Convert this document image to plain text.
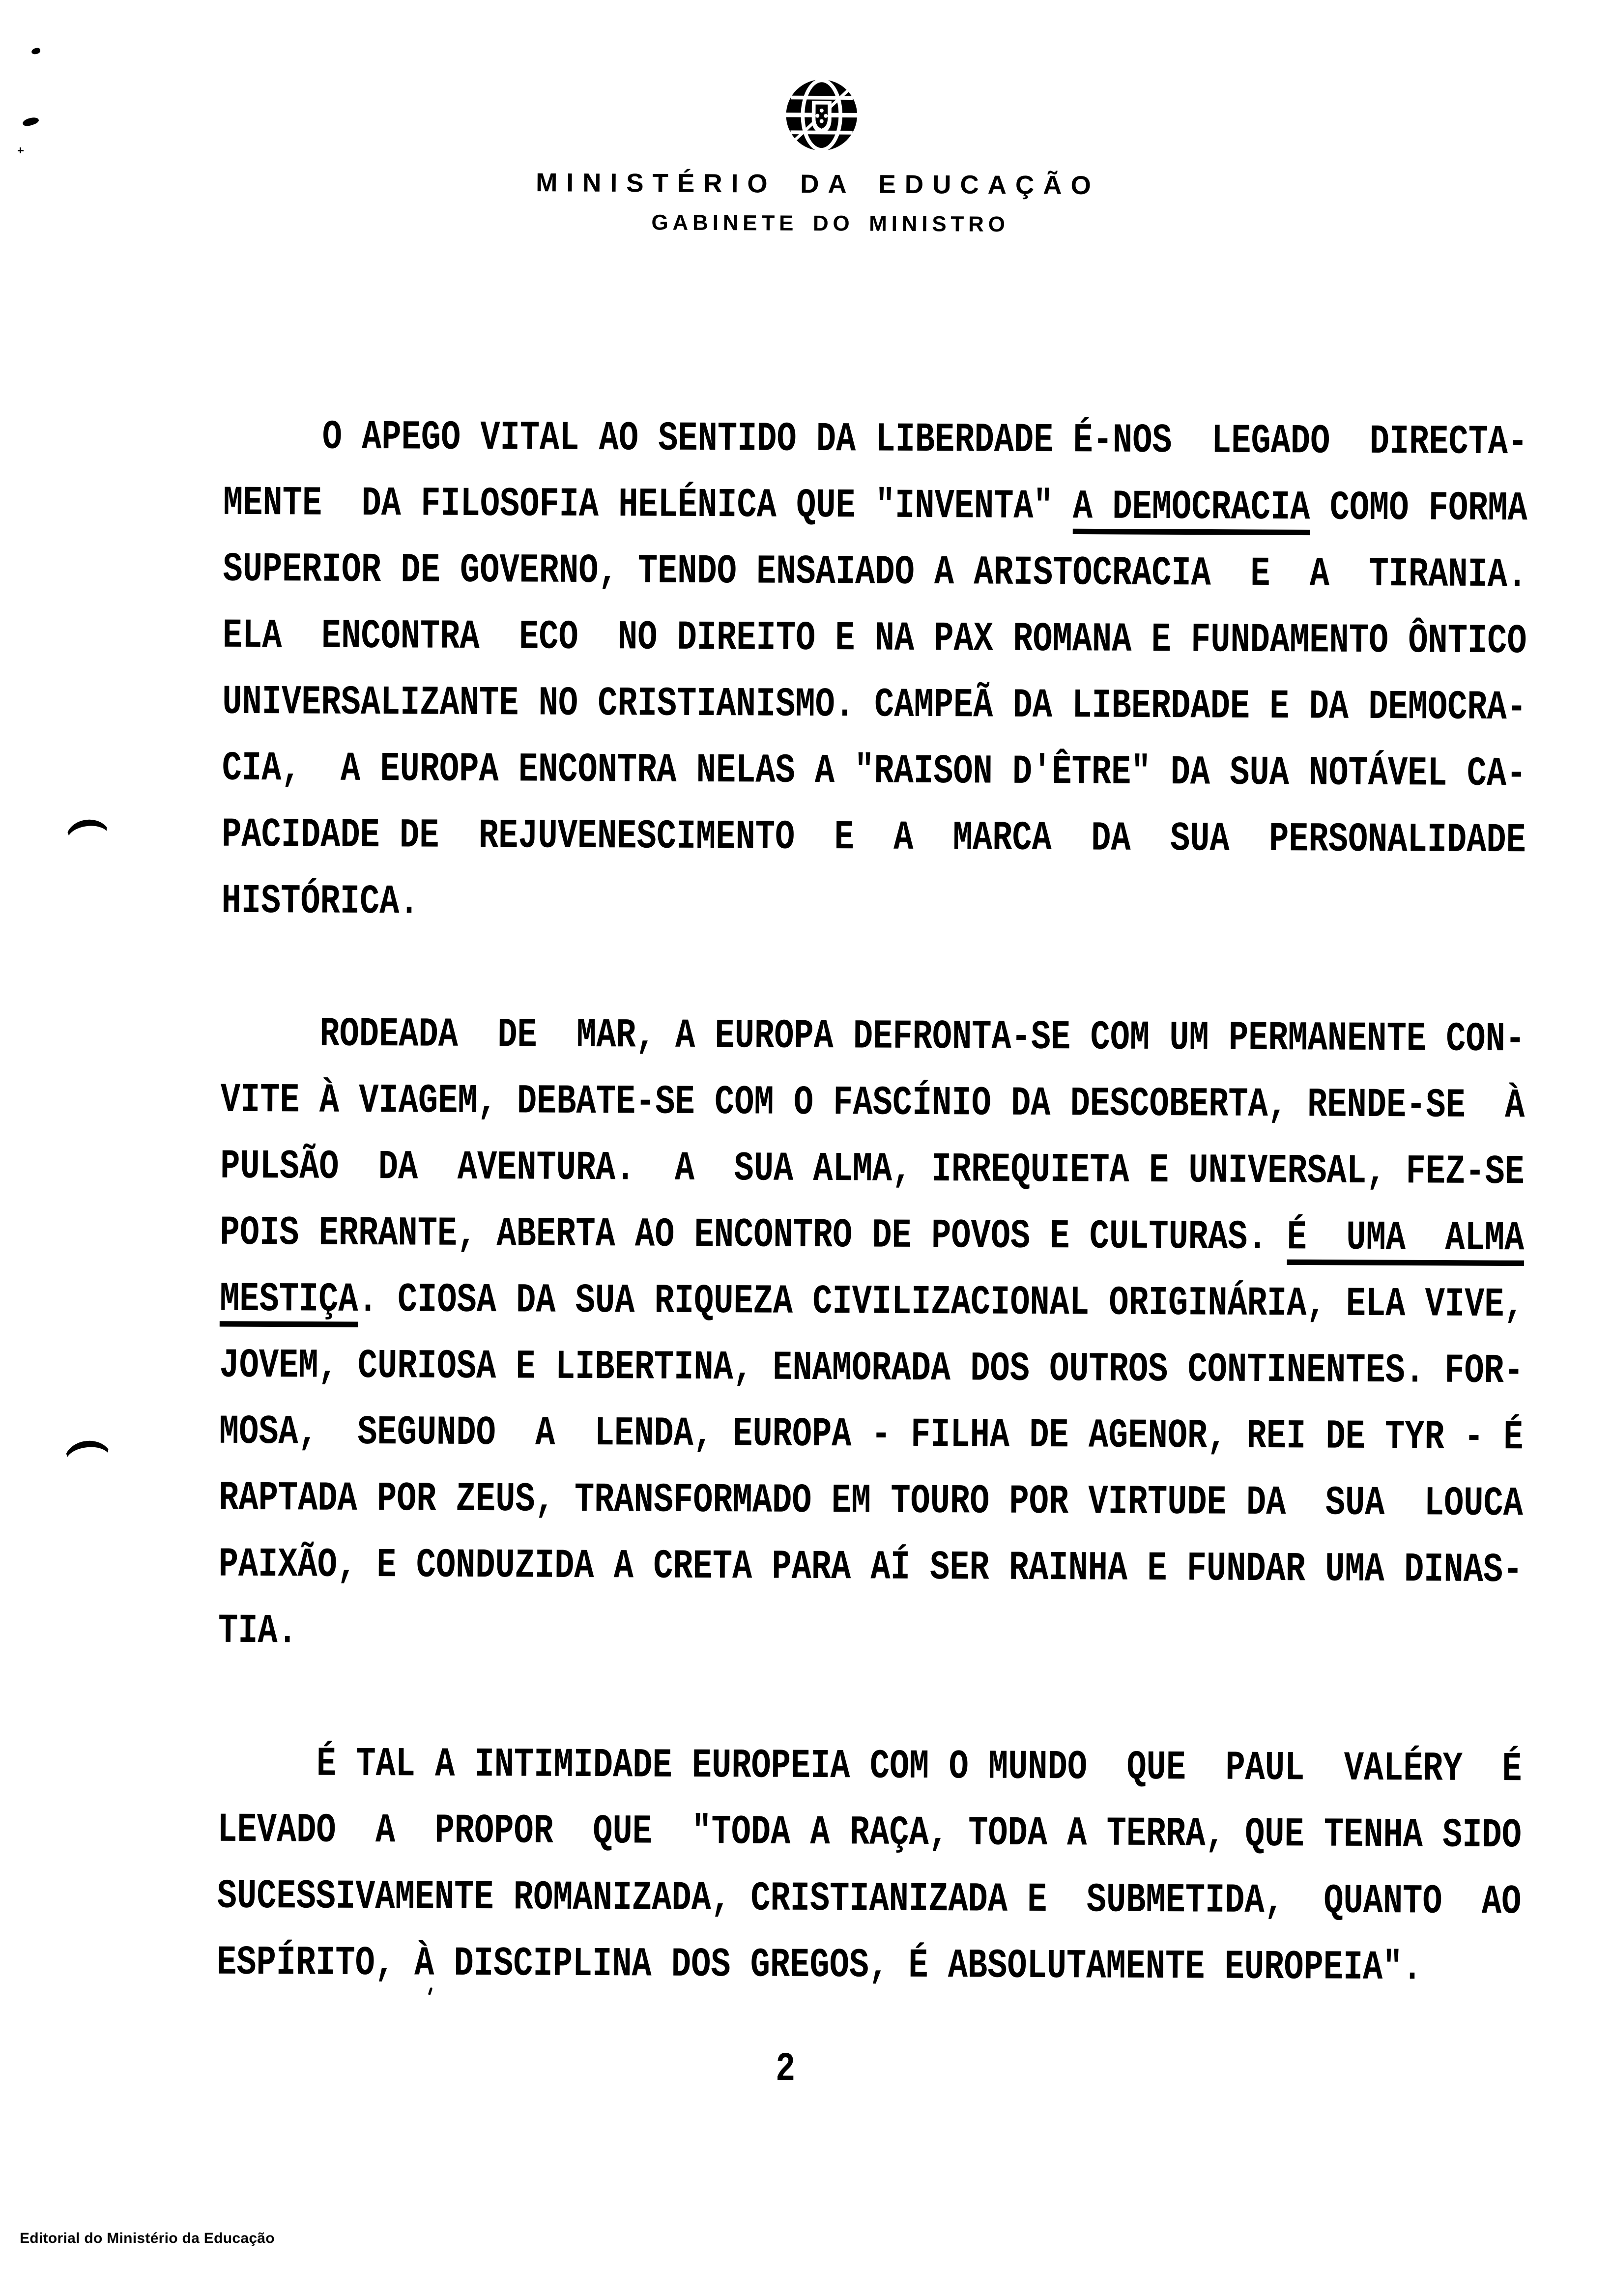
MINISTÉRIO DA EDUCAÇÃO
GABINETE DO MINISTRO
O APEGO VITAL AO SENTIDO DA LIBERDADE É-NOS  LEGADO  DIRECTA-
MENTE  DA FILOSOFIA HELÉNICA QUE "INVENTA" A DEMOCRACIA COMO FORMA
SUPERIOR DE GOVERNO, TENDO ENSAIADO A ARISTOCRACIA  E  A  TIRANIA.
ELA  ENCONTRA  ECO  NO DIREITO E NA PAX ROMANA E FUNDAMENTO ÔNTICO
UNIVERSALIZANTE NO CRISTIANISMO. CAMPEÃ DA LIBERDADE E DA DEMOCRA-
CIA,  A EUROPA ENCONTRA NELAS A "RAISON D'ÊTRE" DA SUA NOTÁVEL CA-
PACIDADE DE  REJUVENESCIMENTO  E  A  MARCA  DA  SUA  PERSONALIDADE
HISTÓRICA.
RODEADA  DE  MAR, A EUROPA DEFRONTA-SE COM UM PERMANENTE CON-
VITE À VIAGEM, DEBATE-SE COM O FASCÍNIO DA DESCOBERTA, RENDE-SE  À
PULSÃO  DA  AVENTURA.  A  SUA ALMA, IRREQUIETA E UNIVERSAL, FEZ-SE
POIS ERRANTE, ABERTA AO ENCONTRO DE POVOS E CULTURAS. É  UMA  ALMA
MESTIÇA. CIOSA DA SUA RIQUEZA CIVILIZACIONAL ORIGINÁRIA, ELA VIVE,
JOVEM, CURIOSA E LIBERTINA, ENAMORADA DOS OUTROS CONTINENTES. FOR-
MOSA,  SEGUNDO  A  LENDA, EUROPA - FILHA DE AGENOR, REI DE TYR - É
RAPTADA POR ZEUS, TRANSFORMADO EM TOURO POR VIRTUDE DA  SUA  LOUCA
PAIXÃO, E CONDUZIDA A CRETA PARA AÍ SER RAINHA E FUNDAR UMA DINAS-
TIA.
É TAL A INTIMIDADE EUROPEIA COM O MUNDO  QUE  PAUL  VALÉRY  É
LEVADO  A  PROPOR  QUE  "TODA A RAÇA, TODA A TERRA, QUE TENHA SIDO
SUCESSIVAMENTE ROMANIZADA, CRISTIANIZADA E  SUBMETIDA,  QUANTO  AO
ESPÍRITO, À DISCIPLINA DOS GREGOS, É ABSOLUTAMENTE EUROPEIA".
2
Editorial do Ministério da Educação
